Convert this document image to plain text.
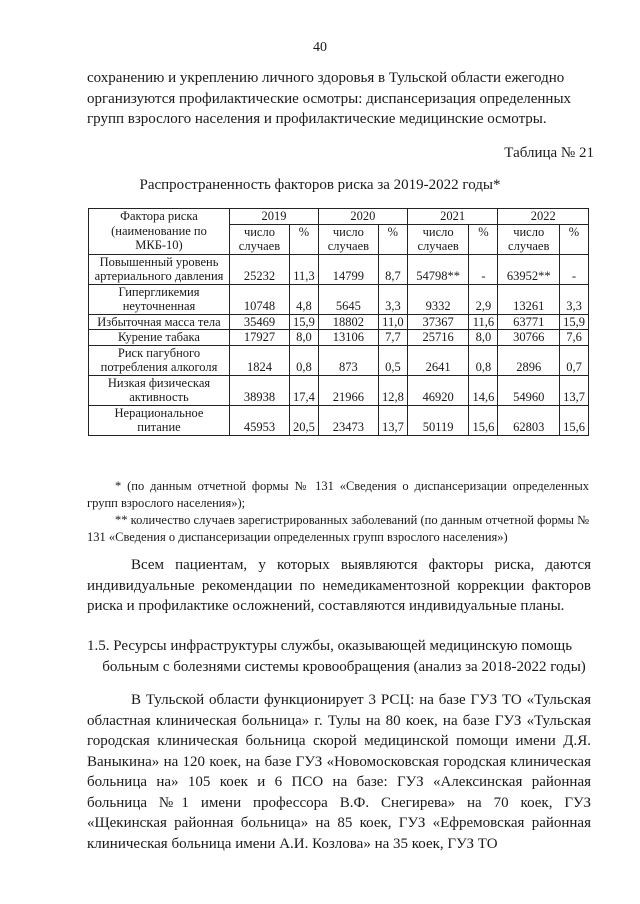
40
сохранению и укреплению личного здоровья в Тульской области ежегодно
организуются профилактические осмотры: диспансеризация определенных
групп взрослого населения и профилактические медицинские осмотры.
Таблица № 21
Распространенность факторов риска за 2019-2022 годы*
Фактора риска (наименование по МКБ-10)	2019		2020		2021		2022	
	число случаев	%	число случаев	%	число случаев	%	число случаев	%
Повышенный уровень артериального давления	25232	11,3	14799	8,7	54798**	-	63952**	-
Гипергликемия неуточненная	10748	4,8	5645	3,3	9332	2,9	13261	3,3
Избыточная масса тела	35469	15,9	18802	11,0	37367	11,6	63771	15,9
Курение табака	17927	8,0	13106	7,7	25716	8,0	30766	7,6
Риск пагубного потребления алкоголя	1824	0,8	873	0,5	2641	0,8	2896	0,7
Низкая физическая активность	38938	17,4	21966	12,8	46920	14,6	54960	13,7
Нерациональное питание	45953	20,5	23473	13,7	50119	15,6	62803	15,6

* (по данным отчетной формы № 131 «Сведения о диспансеризации определенных групп взрослого населения»);

** количество случаев зарегистрированных заболеваний (по данным отчетной формы № 131 «Сведения о диспансеризации определенных групп взрослого населения»)

Всем пациентам, у которых выявляются факторы риска, даются индивидуальные рекомендации по немедикаментозной коррекции факторов риска и профилактике осложнений, составляются индивидуальные планы.
1.5. Ресурсы инфраструктуры службы, оказывающей медицинскую помощь
больным с болезнями системы кровообращения (анализ за 2018-2022 годы)
В Тульской области функционирует 3 РСЦ: на базе ГУЗ ТО «Тульская областная клиническая больница» г. Тулы на 80 коек, на базе ГУЗ «Тульская городская клиническая больница скорой медицинской помощи имени Д.Я. Ваныкина» на 120 коек, на базе ГУЗ «Новомосковская городская клиническая больница на» 105 коек и 6 ПСО на базе: ГУЗ «Алексинская районная больница №1 имени профессора В.Ф. Снегирева» на 70 коек, ГУЗ «Щекинская районная больница» на 85 коек, ГУЗ «Ефремовская районная клиническая больница имени А.И. Козлова» на 35 коек, ГУЗ ТО
